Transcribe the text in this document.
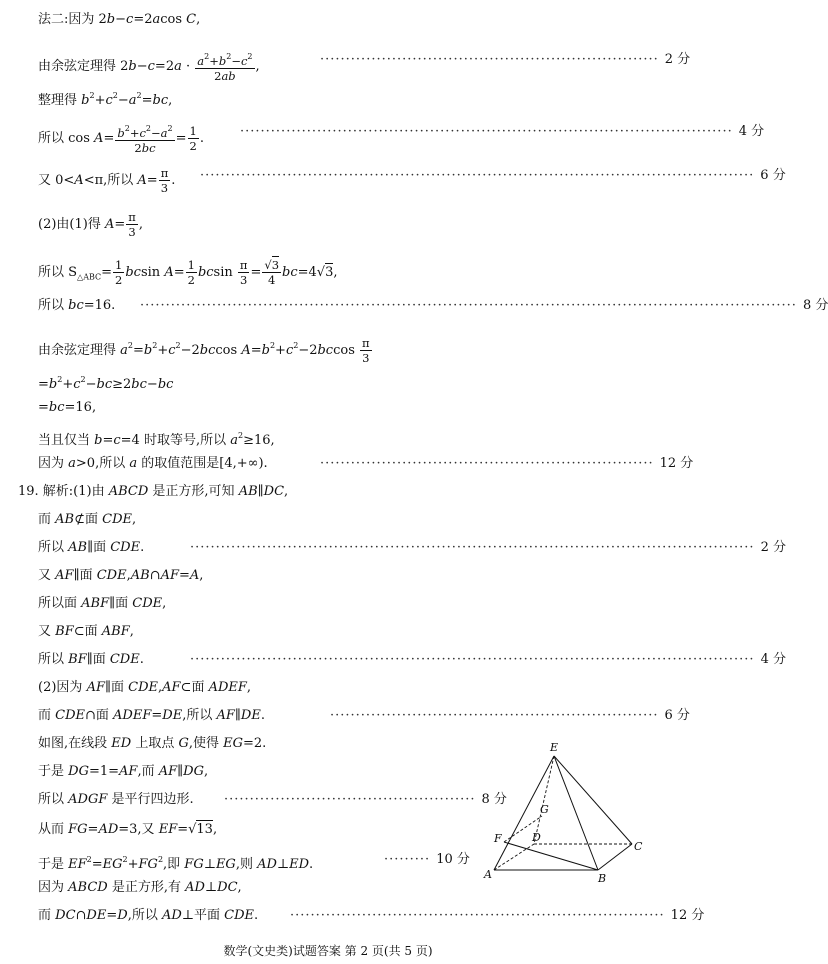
法二:因为 2b−c=2acos C,
由余弦定理得 $2b-c=2a \cdot \frac{a^2+b^2-c^2}{2ab}$ ,	·································································· 2 分
整理得 $b^2+c^2-a^2=bc$,
所以 $\cos A= \frac{b^2+c^2-a^2}{2bc} = \frac{1}{2}$ .	································································································ 4 分
又 0<A<π,所以 $A= \frac{\pi}{3}$ . ············································································································ 6 分
(2)由(1)得 $A= \frac{\pi}{3}$ ,
所以 $S_{\triangle ABC}= \frac{1}{2}$ bcsin $A= \frac{1}{2}$ bcsin $\frac{\pi}{3} = \frac{√3}{4} bc=4√3$,
所以 bc=16. ································································································································ 8 分
由余弦定理得 $a^2=b^2+c^2-2bccos$ $A=b^2+c^2-2bccos \frac{\pi}{3}$
$=b^2+c^2-bc\ge 2bc-bc$
=bc=16,
当且仅当 b=c=4 时取等号,所以 $a^2\ge 16$,
因为 a>0,所以 a 的取值范围是[4,+∞).	································································· 12 分
19. 解析:(1)由 ABCD 是正方形,可知 AB∥DC,
而 AB⊄面 CDE,
所以 AB∥面 CDE.	·············································································································· 2 分
又 AF∥面 CDE,AB∩AF=A,
所以面 ABF∥面 CDE,
又 BF⊂面 ABF,
所以 BF∥面 CDE.	·············································································································· 4 分
(2)因为 AF∥面 CDE,AF⊂面 ADEF,
而 CDE∩面 ADEF=DE,所以 AF∥DE.	································································ 6 分
如图,在线段 ED 上取点 G,使得 EG=2.
于是 DG=1=AF,而 AF∥DG,
所以 ADGF 是平行四边形. ················································· 8 分
从而 FG=AD=3,又 EF=√13,
于是 $EF^2=EG^2+FG^2$,即 FG⊥EG,则 AD⊥ED.	········· 10 分
因为 ABCD 是正方形,有 AD⊥DC,
而 DC∩DE=D,所以 AD⊥平面 CDE. ········································································· 12 分
E
G
D
F
C
A	B
数学(文史类)试题答案 第 2 页(共 5 页)
